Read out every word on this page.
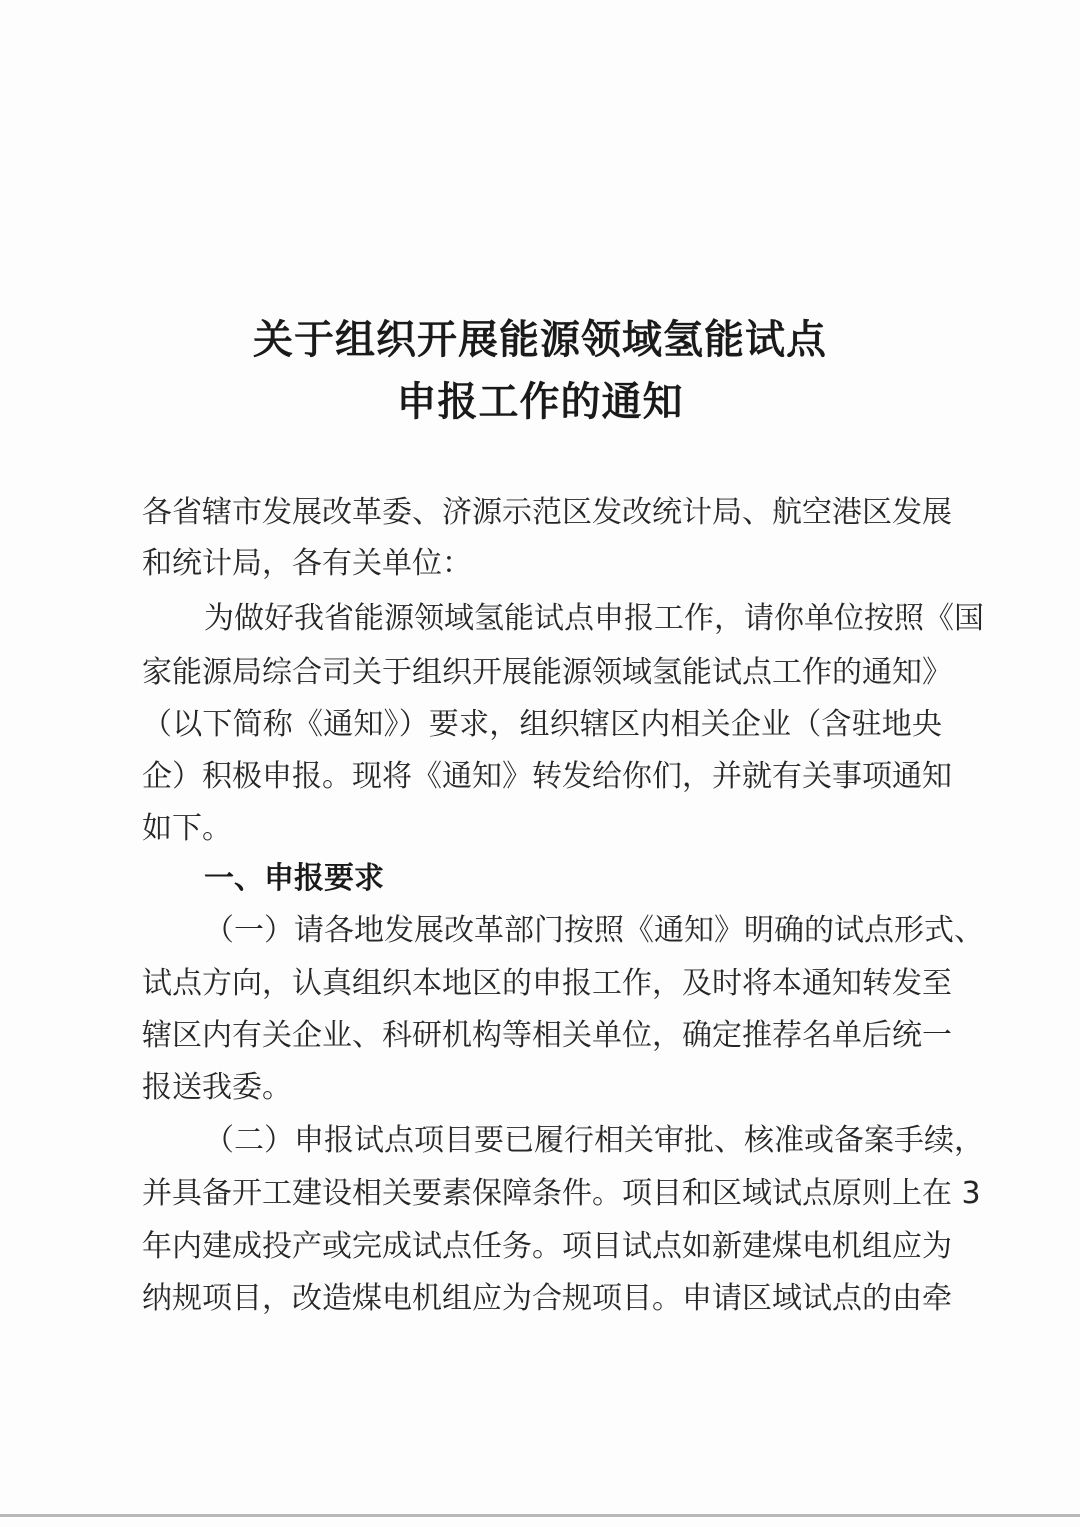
关于组织开展能源领域氢能试点
申报工作的通知
各省辖市发展改革委、济源示范区发改统计局、航空港区发展
和统计局，各有关单位：
为做好我省能源领域氢能试点申报工作，请你单位按照《国
家能源局综合司关于组织开展能源领域氢能试点工作的通知》
（以下简称《通知》）要求，组织辖区内相关企业（含驻地央
企）积极申报。现将《通知》转发给你们，并就有关事项通知
如下。
一、申报要求
（一）请各地发展改革部门按照《通知》明确的试点形式、
试点方向，认真组织本地区的申报工作，及时将本通知转发至
辖区内有关企业、科研机构等相关单位，确定推荐名单后统一
报送我委。
（二）申报试点项目要已履行相关审批、核准或备案手续，
并具备开工建设相关要素保障条件。项目和区域试点原则上在 3
年内建成投产或完成试点任务。项目试点如新建煤电机组应为
纳规项目，改造煤电机组应为合规项目。申请区域试点的由牵
